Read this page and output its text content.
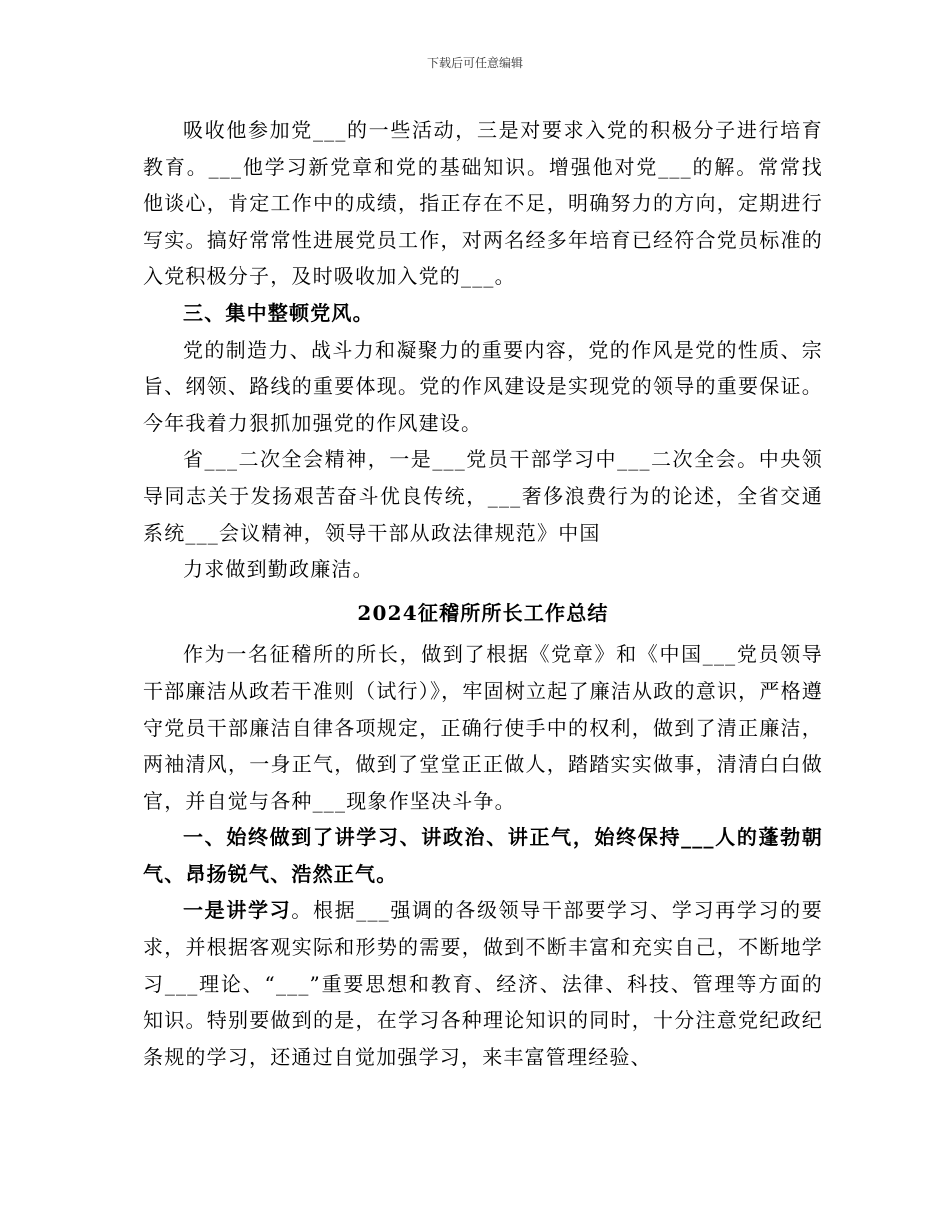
下载后可任意编辑

吸收他参加党___的一些活动，三是对要求入党的积极分子进行培育教育。___他学习新党章和党的基础知识。增强他对党___的解。常常找他谈心，肯定工作中的成绩，指正存在不足，明确努力的方向，定期进行写实。搞好常常性进展党员工作，对两名经多年培育已经符合党员标准的入党积极分子，及时吸收加入党的___。

三、集中整顿党风。

党的制造力、战斗力和凝聚力的重要内容，党的作风是党的性质、宗旨、纲领、路线的重要体现。党的作风建设是实现党的领导的重要保证。今年我着力狠抓加强党的作风建设。

省___二次全会精神，一是___党员干部学习中___二次全会。中央领导同志关于发扬艰苦奋斗优良传统，___奢侈浪费行为的论述，全省交通系统___会议精神，领导干部从政法律规范》中国

力求做到勤政廉洁。

2024征稽所所长工作总结

作为一名征稽所的所长，做到了根据《党章》和《中国___党员领导干部廉洁从政若干准则（试行）》，牢固树立起了廉洁从政的意识，严格遵守党员干部廉洁自律各项规定，正确行使手中的权利，做到了清正廉洁，两袖清风，一身正气，做到了堂堂正正做人，踏踏实实做事，清清白白做官，并自觉与各种___现象作坚决斗争。

一、始终做到了讲学习、讲政治、讲正气，始终保持___人的蓬勃朝气、昂扬锐气、浩然正气。

一是讲学习。根据___强调的各级领导干部要学习、学习再学习的要求，并根据客观实际和形势的需要，做到不断丰富和充实自己，不断地学习___理论、“___”重要思想和教育、经济、法律、科技、管理等方面的知识。特别要做到的是，在学习各种理论知识的同时，十分注意党纪政纪条规的学习，还通过自觉加强学习，来丰富管理经验、
